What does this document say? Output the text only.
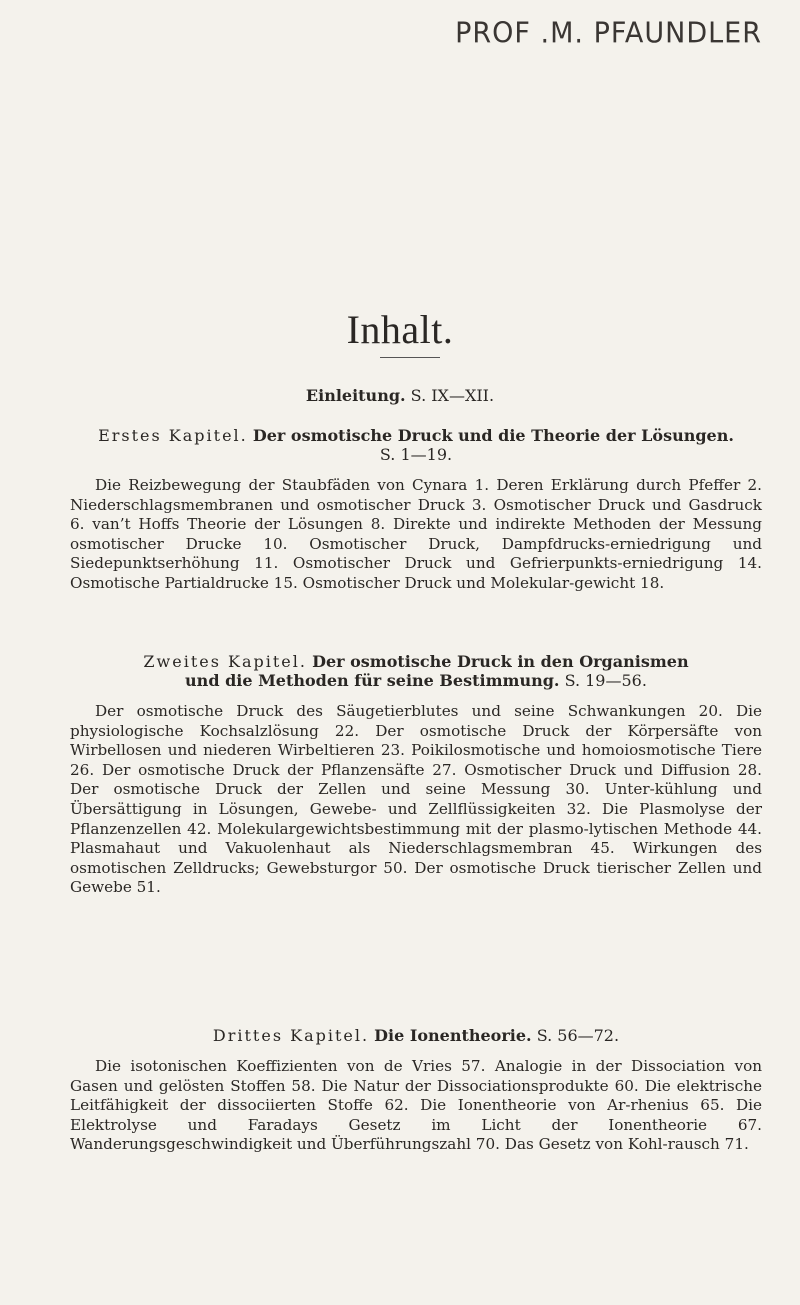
PROF .M. PFAUNDLER
Inhalt.
Einleitung. S. IX—XII.

Erstes Kapitel. Der osmotische Druck und die Theorie der Lösungen.
S. 1—19.

Die Reizbewegung der Staubfäden von Cynara 1. Deren Erklärung durch Pfeffer 2. Niederschlagsmembranen und osmotischer Druck 3. Osmotischer Druck und Gasdruck 6. van’t Hoffs Theorie der Lösungen 8. Direkte und indirekte Methoden der Messung osmotischer Drucke 10. Osmotischer Druck, Dampfdrucks-erniedrigung und Siedepunktserhöhung 11. Osmotischer Druck und Gefrierpunkts-erniedrigung 14. Osmotische Partialdrucke 15. Osmotischer Druck und Molekular-gewicht 18.

Zweites Kapitel. Der osmotische Druck in den Organismen
und die Methoden für seine Bestimmung. S. 19—56.

Der osmotische Druck des Säugetierblutes und seine Schwankungen 20. Die physiologische Kochsalzlösung 22. Der osmotische Druck der Körpersäfte von Wirbellosen und niederen Wirbeltieren 23. Poikilosmotische und homoiosmotische Tiere 26. Der osmotische Druck der Pflanzensäfte 27. Osmotischer Druck und Diffusion 28. Der osmotische Druck der Zellen und seine Messung 30. Unter-kühlung und Übersättigung in Lösungen, Gewebe- und Zellflüssigkeiten 32. Die Plasmolyse der Pflanzenzellen 42. Molekulargewichtsbestimmung mit der plasmo-lytischen Methode 44. Plasmahaut und Vakuolenhaut als Niederschlagsmembran 45. Wirkungen des osmotischen Zelldrucks; Gewebsturgor 50. Der osmotische Druck tierischer Zellen und Gewebe 51.

Drittes Kapitel. Die Ionentheorie. S. 56—72.

Die isotonischen Koeffizienten von de Vries 57. Analogie in der Dissociation von Gasen und gelösten Stoffen 58. Die Natur der Dissociationsprodukte 60. Die elektrische Leitfähigkeit der dissociierten Stoffe 62. Die Ionentheorie von Ar-rhenius 65. Die Elektrolyse und Faradays Gesetz im Licht der Ionentheorie 67. Wanderungsgeschwindigkeit und Überführungszahl 70. Das Gesetz von Kohl-rausch 71.
